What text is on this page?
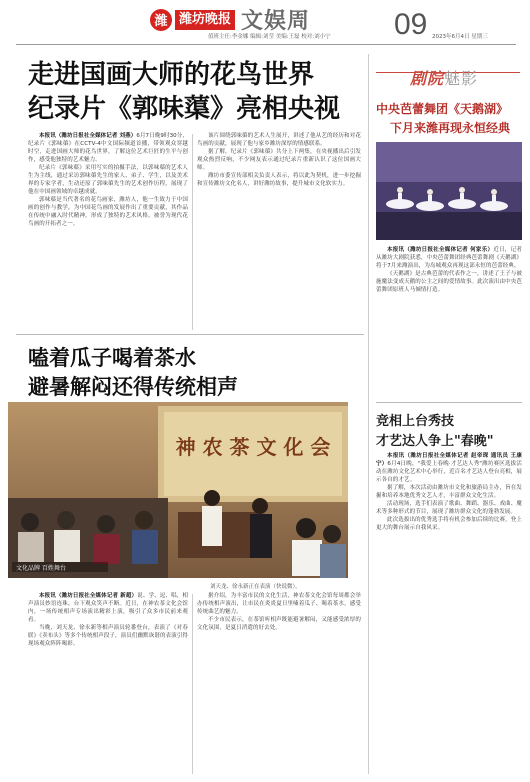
潍 潍坊晚报 文娱周
值班主任:李金娜 编辑:刘莹 美编:王磊 校对:刘小宁 09 2023年6月4日 星期三
走进国画大师的花鸟世界
纪录片《郭味蕖》亮相央视

本报讯（潍坊日报社全媒体记者 刘燕）6月7日晚9时30分，纪录片《郭味蕖》在CCTV-4中文国际频道首播，带领观众穿越时空，走进国画大师的花鸟世界，了解这位艺术巨匠的生平与创作，感受他独特的艺术魅力。

纪录片《郭味蕖》采用写实的拍摄手法，以郭味蕖的艺术人生为主线，通过采访郭味蕖先生的家人、弟子、学生，以及美术界的专家学者，生动还原了郭味蕖先生的艺术创作历程，展现了他在中国画领域的卓越成就。

郭味蕖是当代著名的花鸟画家，潍坊人，他一生致力于中国画的创作与教学，为中国花鸟画的发展作出了重要贡献，其作品在传统中融入时代精神，形成了独特的艺术风格，被誉为现代花鸟画的开拓者之一。

该片围绕郭味蕖的艺术人生展开，讲述了他从艺的经历和对花鸟画的贡献，展现了他与家乡潍坊深厚的情感联系。

据了解，纪录片《郭味蕖》共分上下两集，在央视播出后引发观众热烈反响，不少网友表示通过纪录片重新认识了这位国画大师。

潍坊市委宣传部相关负责人表示，将以此为契机，进一步挖掘和宣传潍坊文化名人，讲好潍坊故事，提升城市文化软实力。

嗑着瓜子喝着茶水
避暑解闷还得传统相声
神 农 茶 文 化 会
文化品牌 百姓舞台
刘天龙、徐永新正在表演（快说微）。

本报讯（潍坊日报社全媒体记者 新超）说、学、逗、唱，相声演员妙语连珠，台下观众笑声不断。近日，在神农茶文化会馆内，一场传统相声专场演出精彩上演，吸引了众多市民前来观看。

当晚，刘天龙、徐永新等相声演员轮番登台，表演了《对春联》《卖布头》等多个传统相声段子，演员们幽默诙谐的表演引得现场观众阵阵喝彩。

据介绍，为丰富市民的文化生活，神农茶文化会馆每周都会举办传统相声演出，让市民在炎炎夏日里嗑着瓜子、喝着茶水，感受传统曲艺的魅力。

不少市民表示，在茶馆听相声既能避暑解闷，又能感受浓厚的文化氛围，是夏日消遣的好去处。

剧院魅影
中央芭蕾舞团《天鹅湖》
下月来潍再现永恒经典

本报讯（潍坊日报社全媒体记者 何家乐）近日，记者从潍坊大剧院获悉，中央芭蕾舞团经典芭蕾舞剧《天鹅湖》将于7月来潍演出，为岛城观众再现这部永恒的芭蕾经典。

《天鹅湖》是古典芭蕾的代表作之一，讲述了王子与被施魔法变成天鹅的公主之间的爱情故事。此次演出由中央芭蕾舞团原班人马倾情打造。

竞相上台秀技
才艺达人争上"春晚"

本报讯（潍坊日报社全媒体记者 赵帝琛 通讯员 王康宁）6月4日晚，"我爱上春晚·才艺达人秀"潍坊赛区选拔活动在潍坊文化艺术中心举行，近百名才艺达人登台亮相，展示各自的才艺。

据了解，本次活动由潍坊市文化和旅游局主办，旨在发掘和培养本地优秀文艺人才，丰富群众文化生活。

活动现场，选手们表演了歌曲、舞蹈、器乐、戏曲、魔术等多种形式的节目，展现了潍坊群众文化的蓬勃发展。

此次选拔出的优秀选手将有机会参加后续的比赛，登上更大的舞台展示自我风采。
